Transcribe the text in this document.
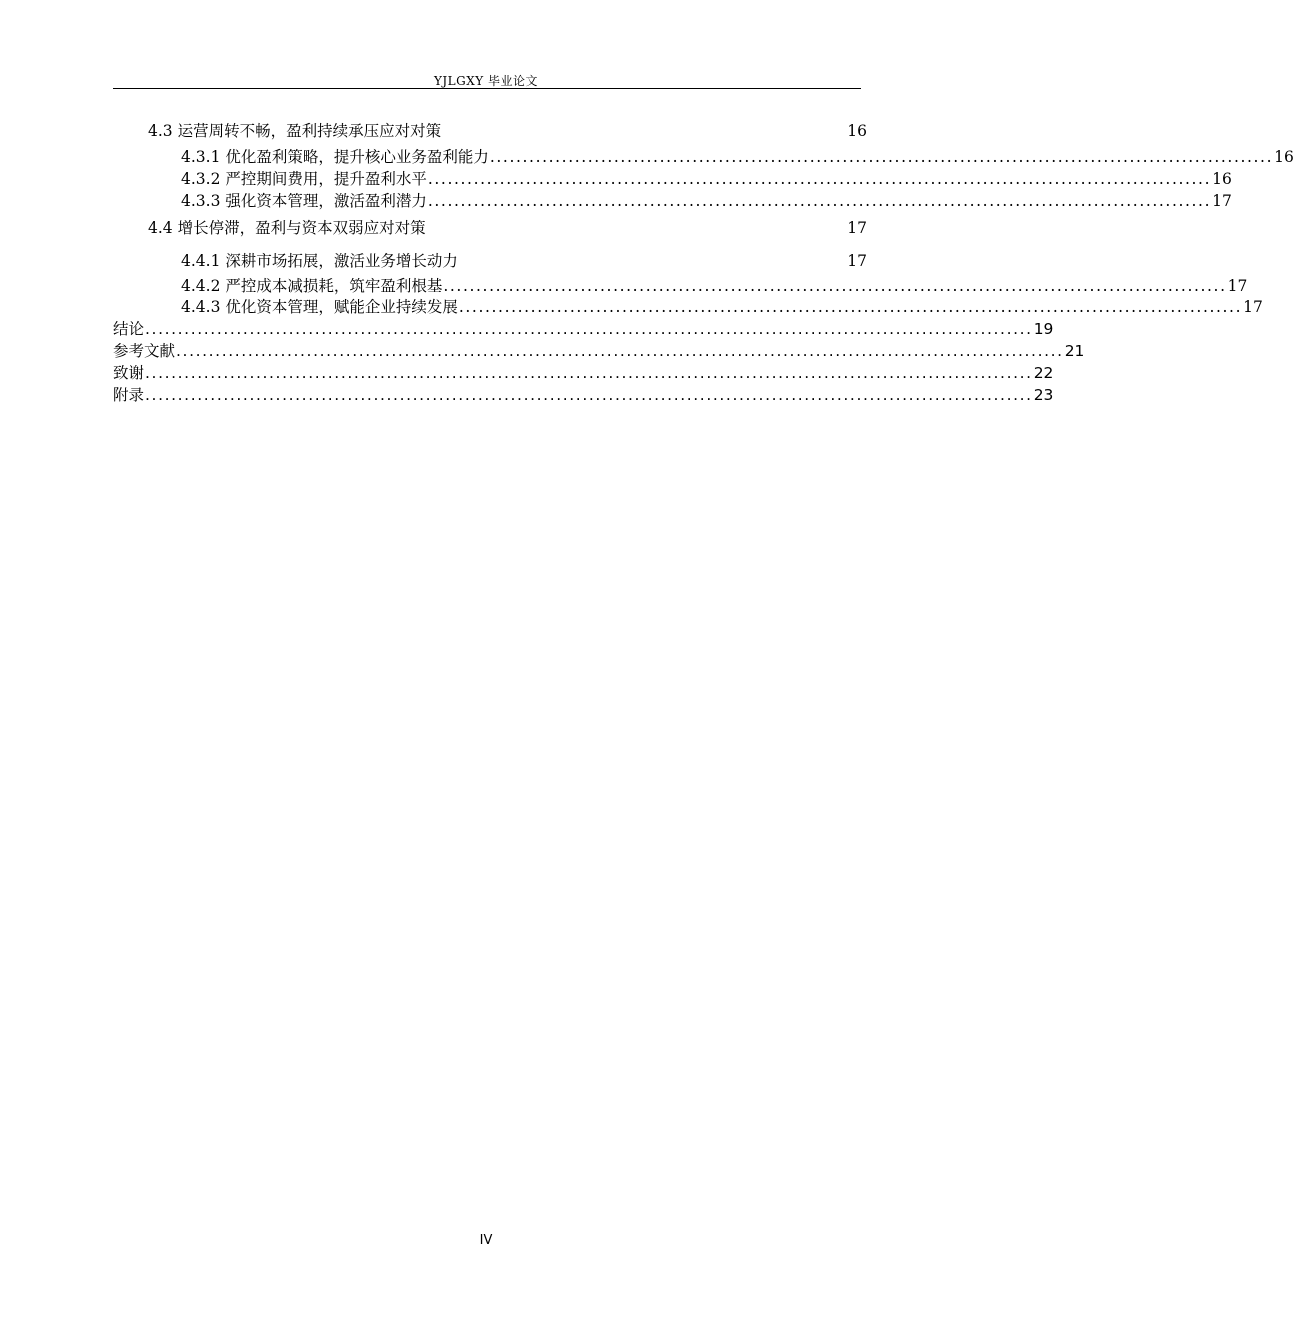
YJLGXY 毕业论文
4.3 运营周转不畅，盈利持续承压应对对策	16
4.3.1 优化盈利策略，提升核心业务盈利能力 ........................................................................................................................ 16
4.3.2 严控期间费用，提升盈利水平 ........................................................................................................................ 16
4.3.3 强化资本管理，激活盈利潜力 ........................................................................................................................ 17
4.4 增长停滞，盈利与资本双弱应对对策	17
4.4.1 深耕市场拓展，激活业务增长动力	17
4.4.2 严控成本减损耗，筑牢盈利根基 ........................................................................................................................ 17
4.4.3 优化资本管理，赋能企业持续发展 ........................................................................................................................ 17
结论 ........................................................................................................................................ 19
参考文献 ........................................................................................................................................ 21
致谢 ........................................................................................................................................ 22
附录 ........................................................................................................................................ 23
IV
